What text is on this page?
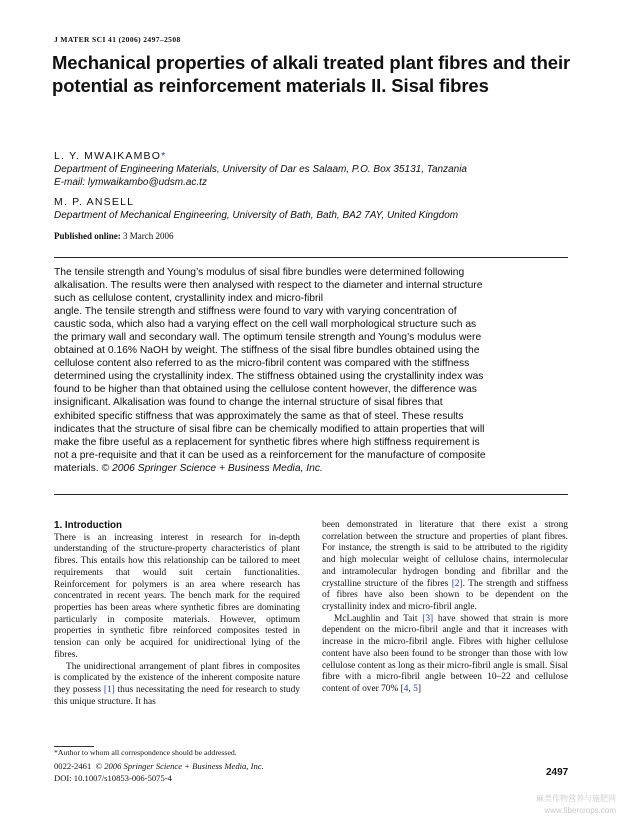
J MATER SCI 41 (2006) 2497–2508
Mechanical properties of alkali treated plant fibres and their potential as reinforcement materials II. Sisal fibres
L. Y. MWAIKAMBO*
Department of Engineering Materials, University of Dar es Salaam, P.O. Box 35131, Tanzania
E-mail: lymwaikambo@udsm.ac.tz
M. P. ANSELL
Department of Mechanical Engineering, University of Bath, Bath, BA2 7AY, United Kingdom
Published online: 3 March 2006
The tensile strength and Young’s modulus of sisal fibre bundles were determined following
alkalisation. The results were then analysed with respect to the diameter and internal structure
such as cellulose content, crystallinity index and micro-fibril
angle. The tensile strength and stiffness were found to vary with varying concentration of
caustic soda, which also had a varying effect on the cell wall morphological structure such as
the primary wall and secondary wall. The optimum tensile strength and Young’s modulus were
obtained at 0.16% NaOH by weight. The stiffness of the sisal fibre bundles obtained using the
cellulose content also referred to as the micro-fibril content was compared with the stiffness
determined using the crystallinity index. The stiffness obtained using the crystallinity index was
found to be higher than that obtained using the cellulose content however, the difference was
insignificant. Alkalisation was found to change the internal structure of sisal fibres that
exhibited specific stiffness that was approximately the same as that of steel. These results
indicates that the structure of sisal fibre can be chemically modified to attain properties that will
make the fibre useful as a replacement for synthetic fibres where high stiffness requirement is
not a pre-requisite and that it can be used as a reinforcement for the manufacture of composite
materials. © 2006 Springer Science + Business Media, Inc.
1. Introduction

There is an increasing interest in research for in-depth understanding of the structure-property characteristics of plant fibres. This entails how this relationship can be tailored to meet requirements that would suit certain functionalities. Reinforcement for polymers is an area where research has concentrated in recent years. The bench mark for the required properties has been areas where synthetic fibres are dominating particularly in composite materials. However, optimum properties in synthetic fibre reinforced composites tested in tension can only be acquired for unidirectional lying of the fibres.

The unidirectional arrangement of plant fibres in composites is complicated by the existence of the inherent composite nature they possess [1] thus necessitating the need for research to study this unique structure. It has

been demonstrated in literature that there exist a strong correlation between the structure and properties of plant fibres. For instance, the strength is said to be attributed to the rigidity and high molecular weight of cellulose chains, intermolecular and intramolecular hydrogen bonding and fibrillar and the crystalline structure of the fibres [2]. The strength and stiffness of fibres have also been shown to be dependent on the crystallinity index and micro-fibril angle.

McLaughlin and Tait [3] have showed that strain is more dependent on the micro-fibril angle and that it increases with increase in the micro-fibril angle. Fibres with higher cellulose content have also been found to be stronger than those with low cellulose content as long as their micro-fibril angle is small. Sisal fibre with a micro-fibril angle between 10–22 and cellulose content of over 70% [4, 5]

*Author to whom all correspondence should be addressed.
0022-2461 © 2006 Springer Science + Business Media, Inc.
DOI: 10.1007/s10853-006-5075-4	2497
麻类作物营养与施肥网
www.fibercrops.com
